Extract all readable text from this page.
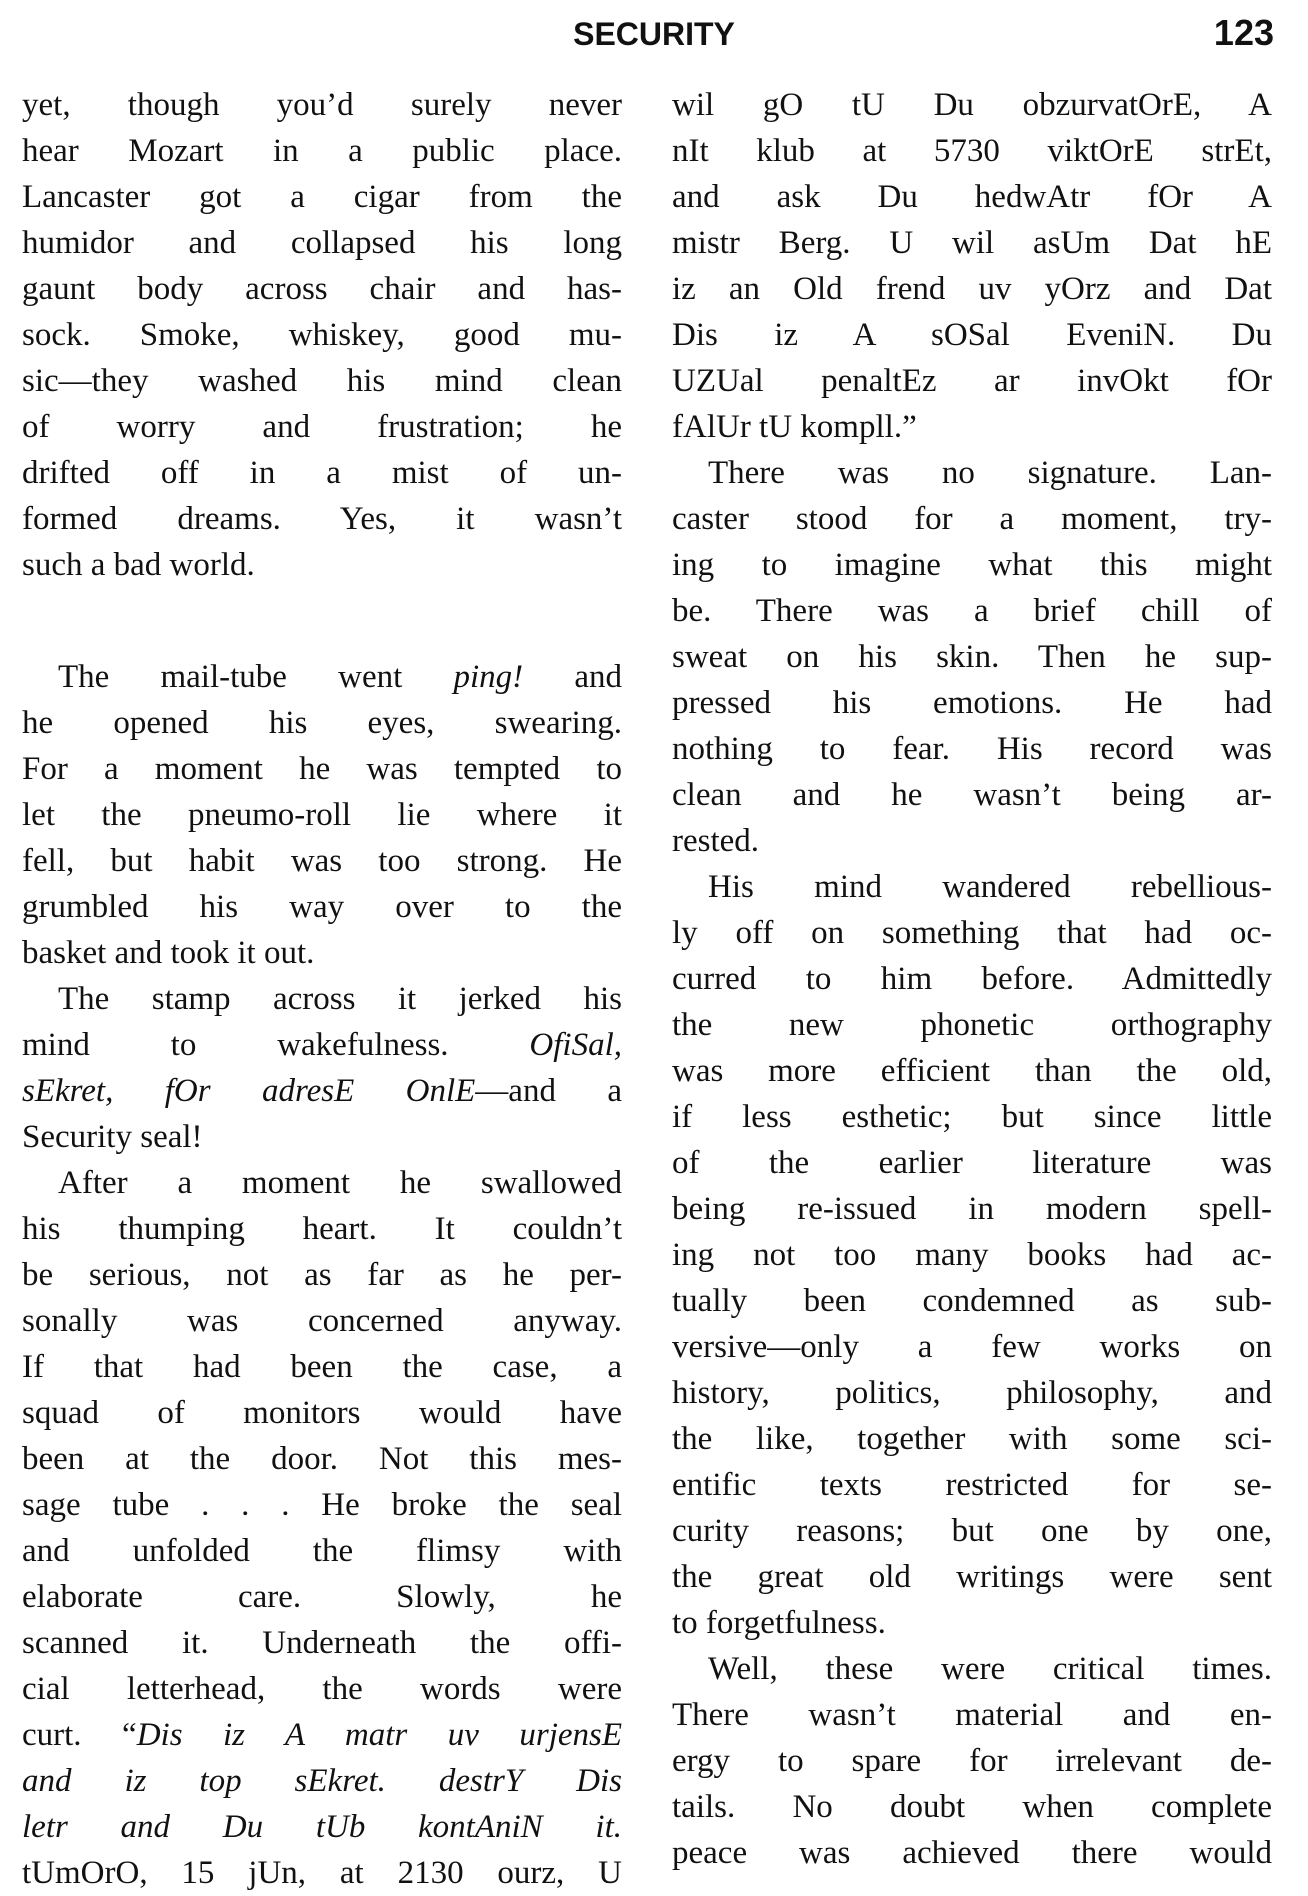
SECURITY	123
yet, though you’d surely never
hear Mozart in a public place.
Lancaster got a cigar from the
humidor and collapsed his long
gaunt body across chair and has-
sock. Smoke, whiskey, good mu-
sic—they washed his mind clean
of worry and frustration; he
drifted off in a mist of un-
formed dreams. Yes, it wasn’t
such a bad world.
The mail-tube went ping! and
he opened his eyes, swearing.
For a moment he was tempted to
let the pneumo-roll lie where it
fell, but habit was too strong. He
grumbled his way over to the
basket and took it out.
The stamp across it jerked his
mind to wakefulness. OfiSal,
sEkret, fOr adresE OnlE—and a
Security seal!
After a moment he swallowed
his thumping heart. It couldn’t
be serious, not as far as he per-
sonally was concerned anyway.
If that had been the case, a
squad of monitors would have
been at the door. Not this mes-
sage tube . . . He broke the seal
and unfolded the flimsy with
elaborate care. Slowly, he
scanned it. Underneath the offi-
cial letterhead, the words were
curt. “Dis iz A matr uv urjensE
and iz top sEkret. destrY Dis
letr and Du tUb kontAniN it.
tUmOrO, 15 jUn, at 2130 ourz, U
wil gO tU Du obzurvatOrE, A
nIt klub at 5730 viktOrE strEt,
and ask Du hedwAtr fOr A
mistr Berg. U wil asUm Dat hE
iz an Old frend uv yOrz and Dat
Dis iz A sOSal EveniN. Du
UZUal penaltEz ar invOkt fOr
fAlUr tU kompll.”
There was no signature. Lan-
caster stood for a moment, try-
ing to imagine what this might
be. There was a brief chill of
sweat on his skin. Then he sup-
pressed his emotions. He had
nothing to fear. His record was
clean and he wasn’t being ar-
rested.
His mind wandered rebellious-
ly off on something that had oc-
curred to him before. Admittedly
the new phonetic orthography
was more efficient than the old,
if less esthetic; but since little
of the earlier literature was
being re-issued in modern spell-
ing not too many books had ac-
tually been condemned as sub-
versive—only a few works on
history, politics, philosophy, and
the like, together with some sci-
entific texts restricted for se-
curity reasons; but one by one,
the great old writings were sent
to forgetfulness.
Well, these were critical times.
There wasn’t material and en-
ergy to spare for irrelevant de-
tails. No doubt when complete
peace was achieved there would
